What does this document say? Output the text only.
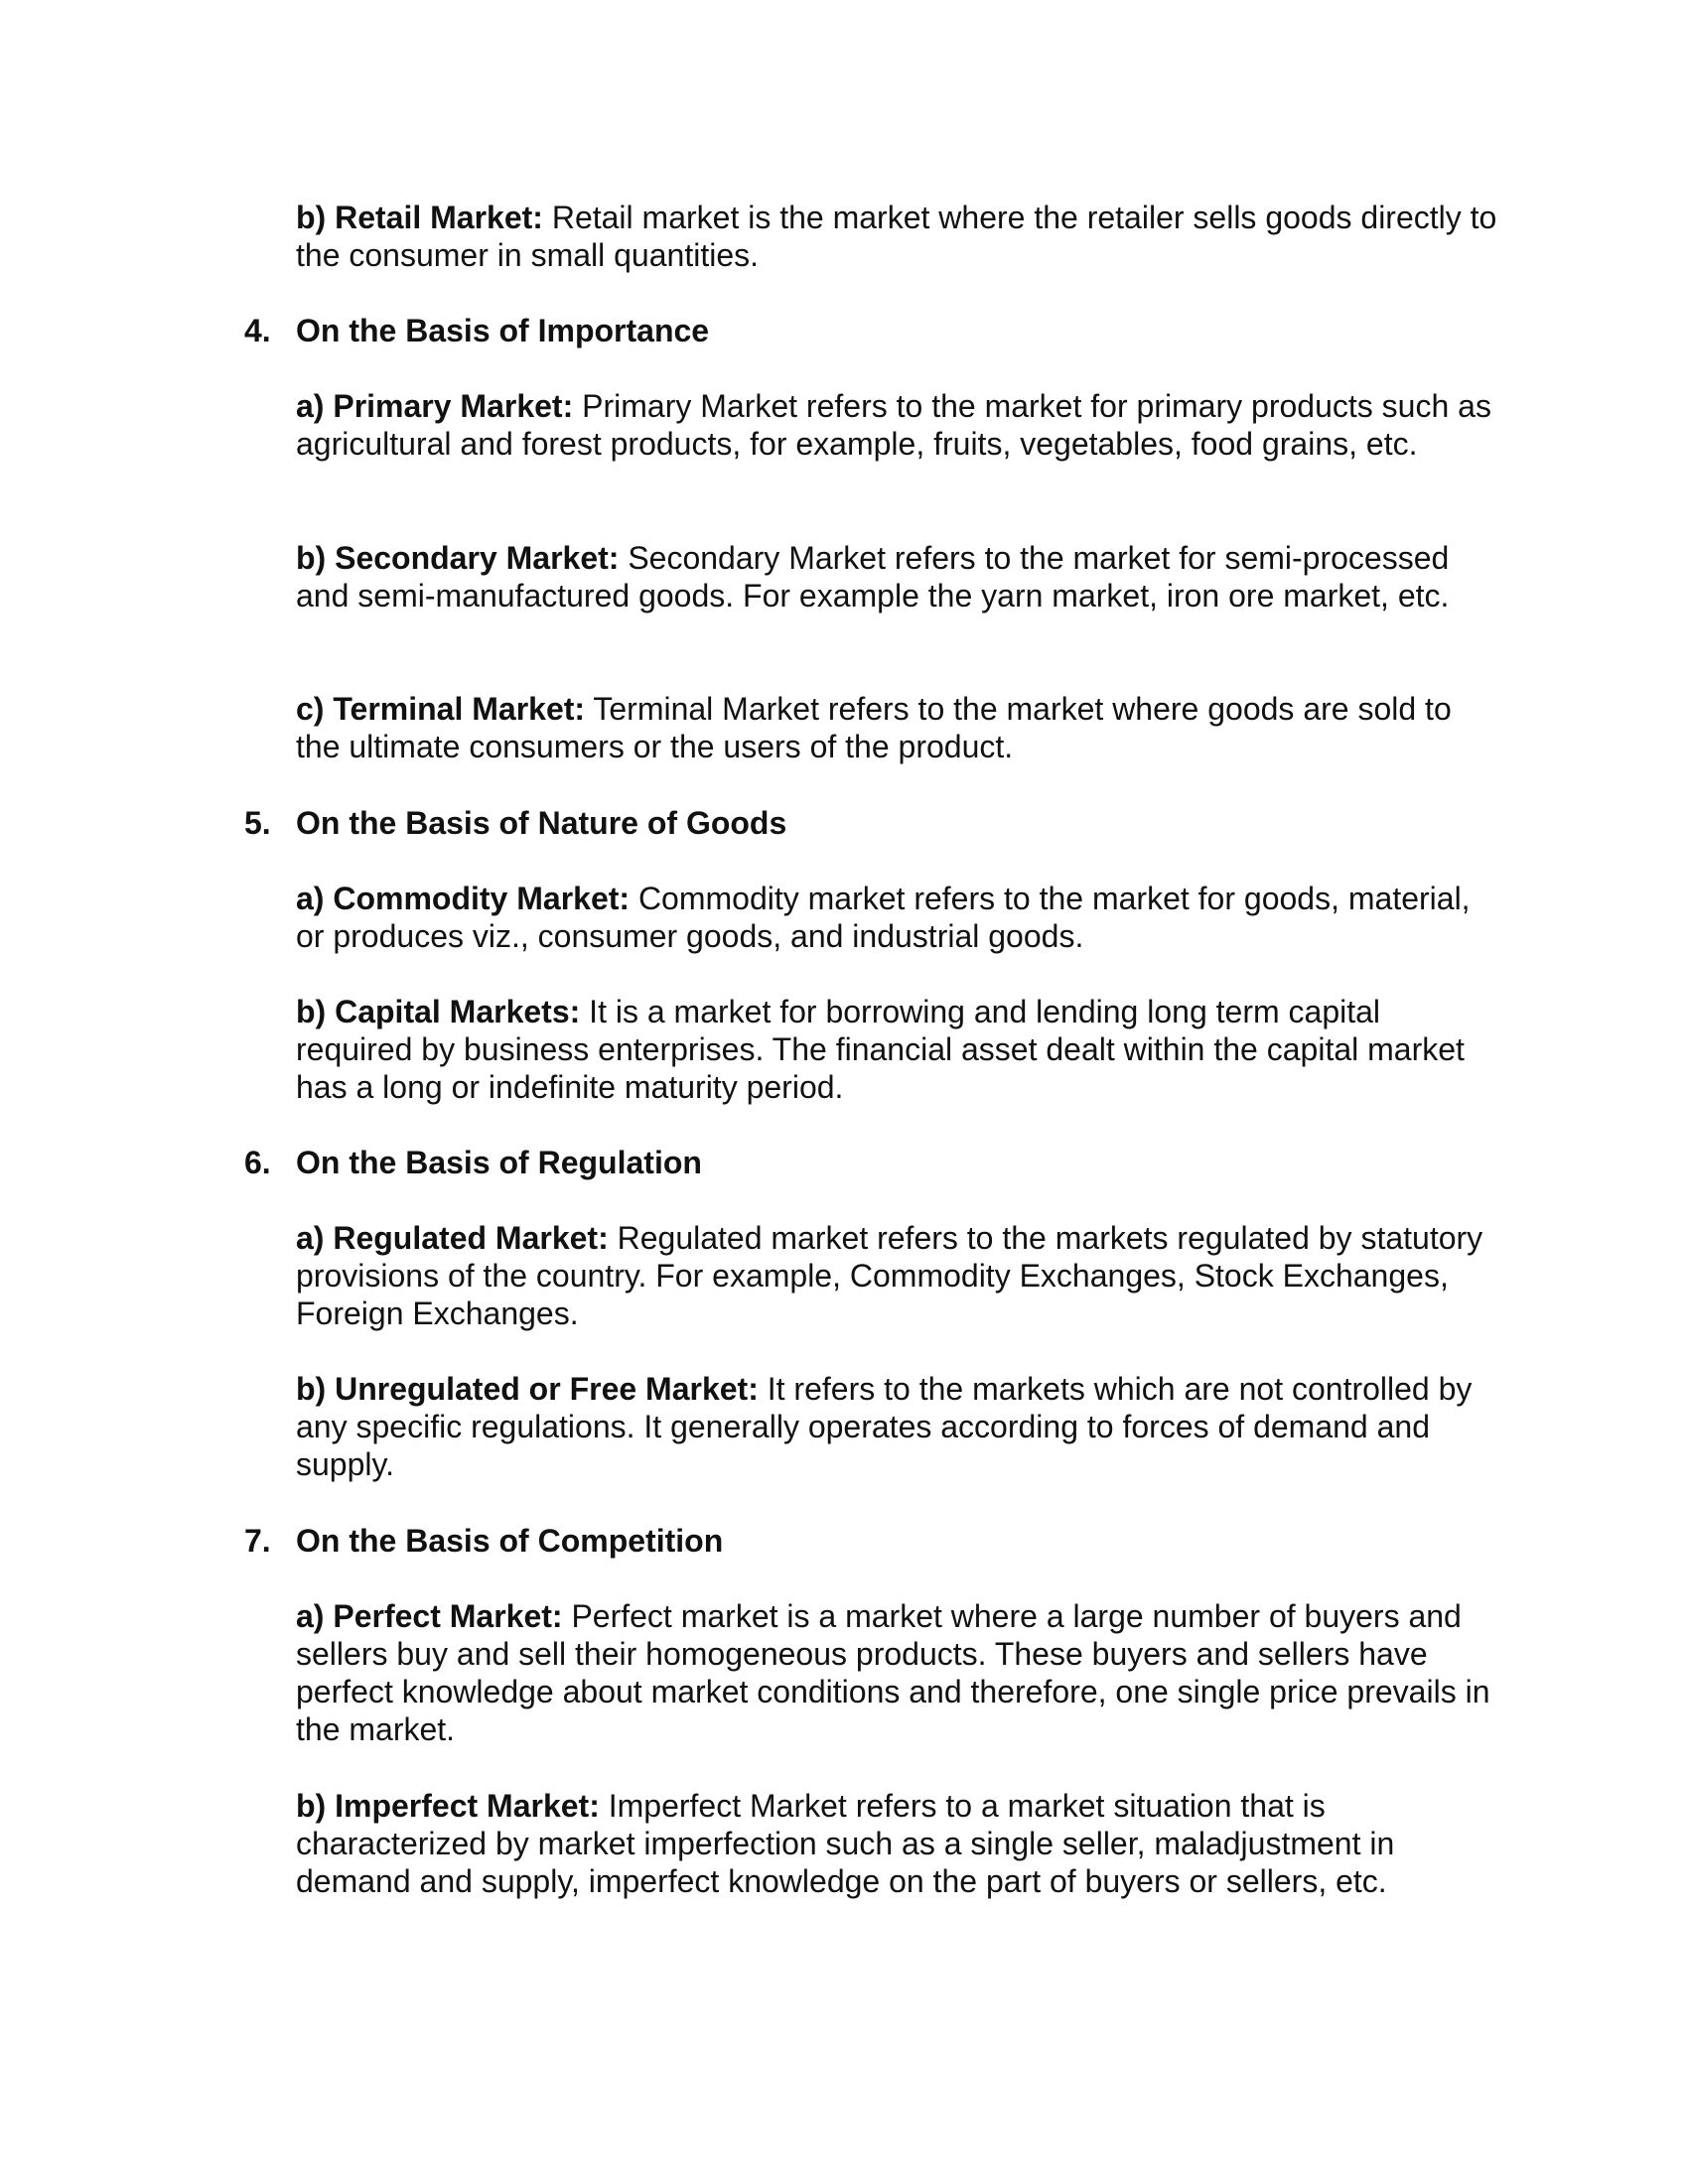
b) Retail Market: Retail market is the market where the retailer sells goods directly to the consumer in small quantities.

4. On the Basis of Importance

a) Primary Market: Primary Market refers to the market for primary products such as agricultural and forest products, for example, fruits, vegetables, food grains, etc.

b) Secondary Market: Secondary Market refers to the market for semi-processed and semi-manufactured goods. For example the yarn market, iron ore market, etc.

c) Terminal Market: Terminal Market refers to the market where goods are sold to the ultimate consumers or the users of the product.

5. On the Basis of Nature of Goods

a) Commodity Market: Commodity market refers to the market for goods, material, or produces viz., consumer goods, and industrial goods.

b) Capital Markets: It is a market for borrowing and lending long term capital required by business enterprises. The financial asset dealt within the capital market has a long or indefinite maturity period.

6. On the Basis of Regulation

a) Regulated Market: Regulated market refers to the markets regulated by statutory provisions of the country. For example, Commodity Exchanges, Stock Exchanges, Foreign Exchanges.

b) Unregulated or Free Market: It refers to the markets which are not controlled by any specific regulations. It generally operates according to forces of demand and supply.

7. On the Basis of Competition

a) Perfect Market: Perfect market is a market where a large number of buyers and sellers buy and sell their homogeneous products. These buyers and sellers have perfect knowledge about market conditions and therefore, one single price prevails in the market.

b) Imperfect Market: Imperfect Market refers to a market situation that is characterized by market imperfection such as a single seller, maladjustment in demand and supply, imperfect knowledge on the part of buyers or sellers, etc.
